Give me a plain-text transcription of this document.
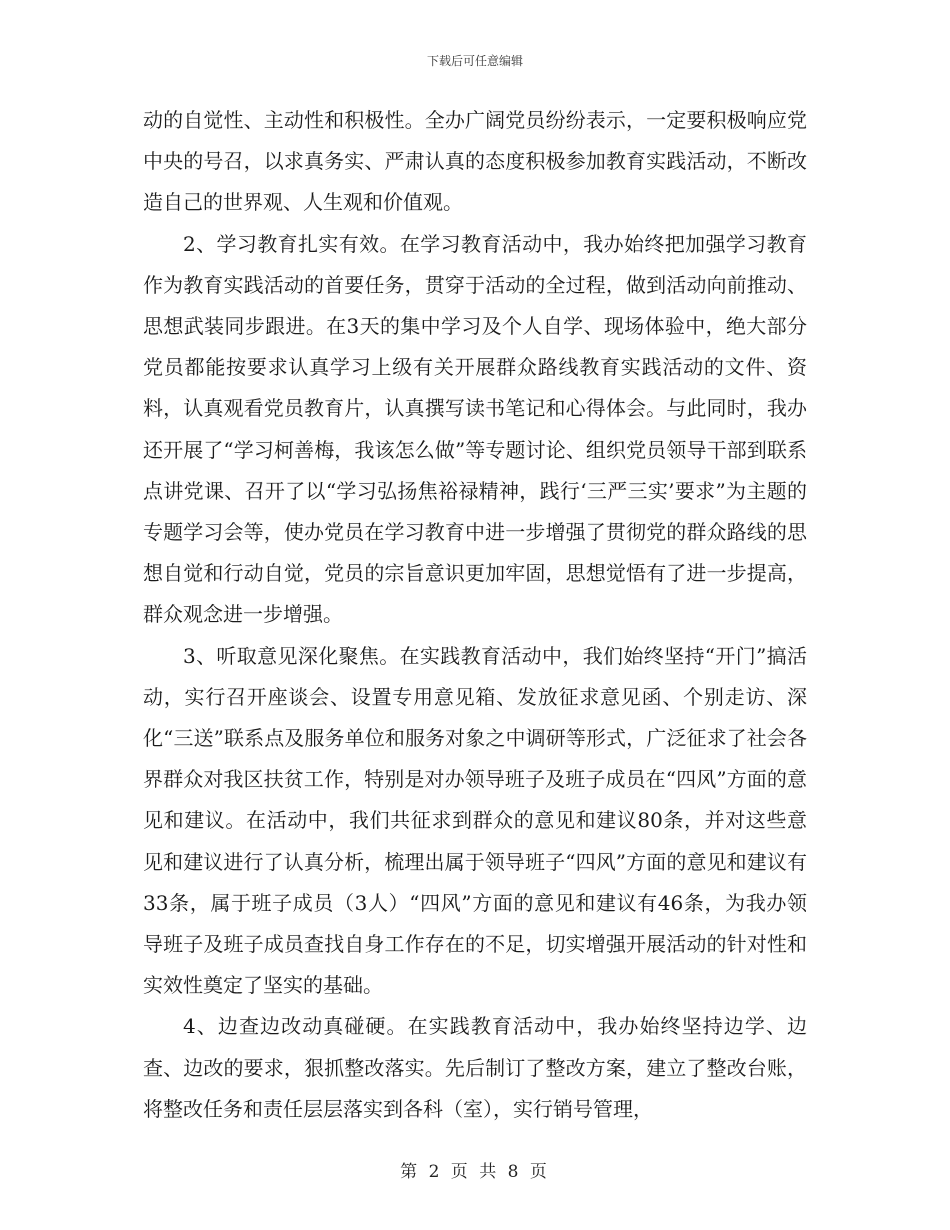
下载后可任意编辑

动的自觉性、主动性和积极性。全办广阔党员纷纷表示，一定要积极响应党中央的号召，以求真务实、严肃认真的态度积极参加教育实践活动，不断改造自己的世界观、人生观和价值观。

2、学习教育扎实有效。在学习教育活动中，我办始终把加强学习教育作为教育实践活动的首要任务，贯穿于活动的全过程，做到活动向前推动、思想武装同步跟进。在3天的集中学习及个人自学、现场体验中，绝大部分党员都能按要求认真学习上级有关开展群众路线教育实践活动的文件、资料，认真观看党员教育片，认真撰写读书笔记和心得体会。与此同时，我办还开展了“学习柯善梅，我该怎么做”等专题讨论、组织党员领导干部到联系点讲党课、召开了以“学习弘扬焦裕禄精神，践行‘三严三实’要求”为主题的专题学习会等，使办党员在学习教育中进一步增强了贯彻党的群众路线的思想自觉和行动自觉，党员的宗旨意识更加牢固，思想觉悟有了进一步提高，群众观念进一步增强。

3、听取意见深化聚焦。在实践教育活动中，我们始终坚持“开门”搞活动，实行召开座谈会、设置专用意见箱、发放征求意见函、个别走访、深化“三送”联系点及服务单位和服务对象之中调研等形式，广泛征求了社会各界群众对我区扶贫工作，特别是对办领导班子及班子成员在“四风”方面的意见和建议。在活动中，我们共征求到群众的意见和建议80条，并对这些意见和建议进行了认真分析，梳理出属于领导班子“四风”方面的意见和建议有33条，属于班子成员（3人）“四风”方面的意见和建议有46条，为我办领导班子及班子成员查找自身工作存在的不足，切实增强开展活动的针对性和实效性奠定了坚实的基础。

4、边查边改动真碰硬。在实践教育活动中，我办始终坚持边学、边查、边改的要求，狠抓整改落实。先后制订了整改方案，建立了整改台账，将整改任务和责任层层落实到各科（室），实行销号管理，

第 2 页 共 8 页
